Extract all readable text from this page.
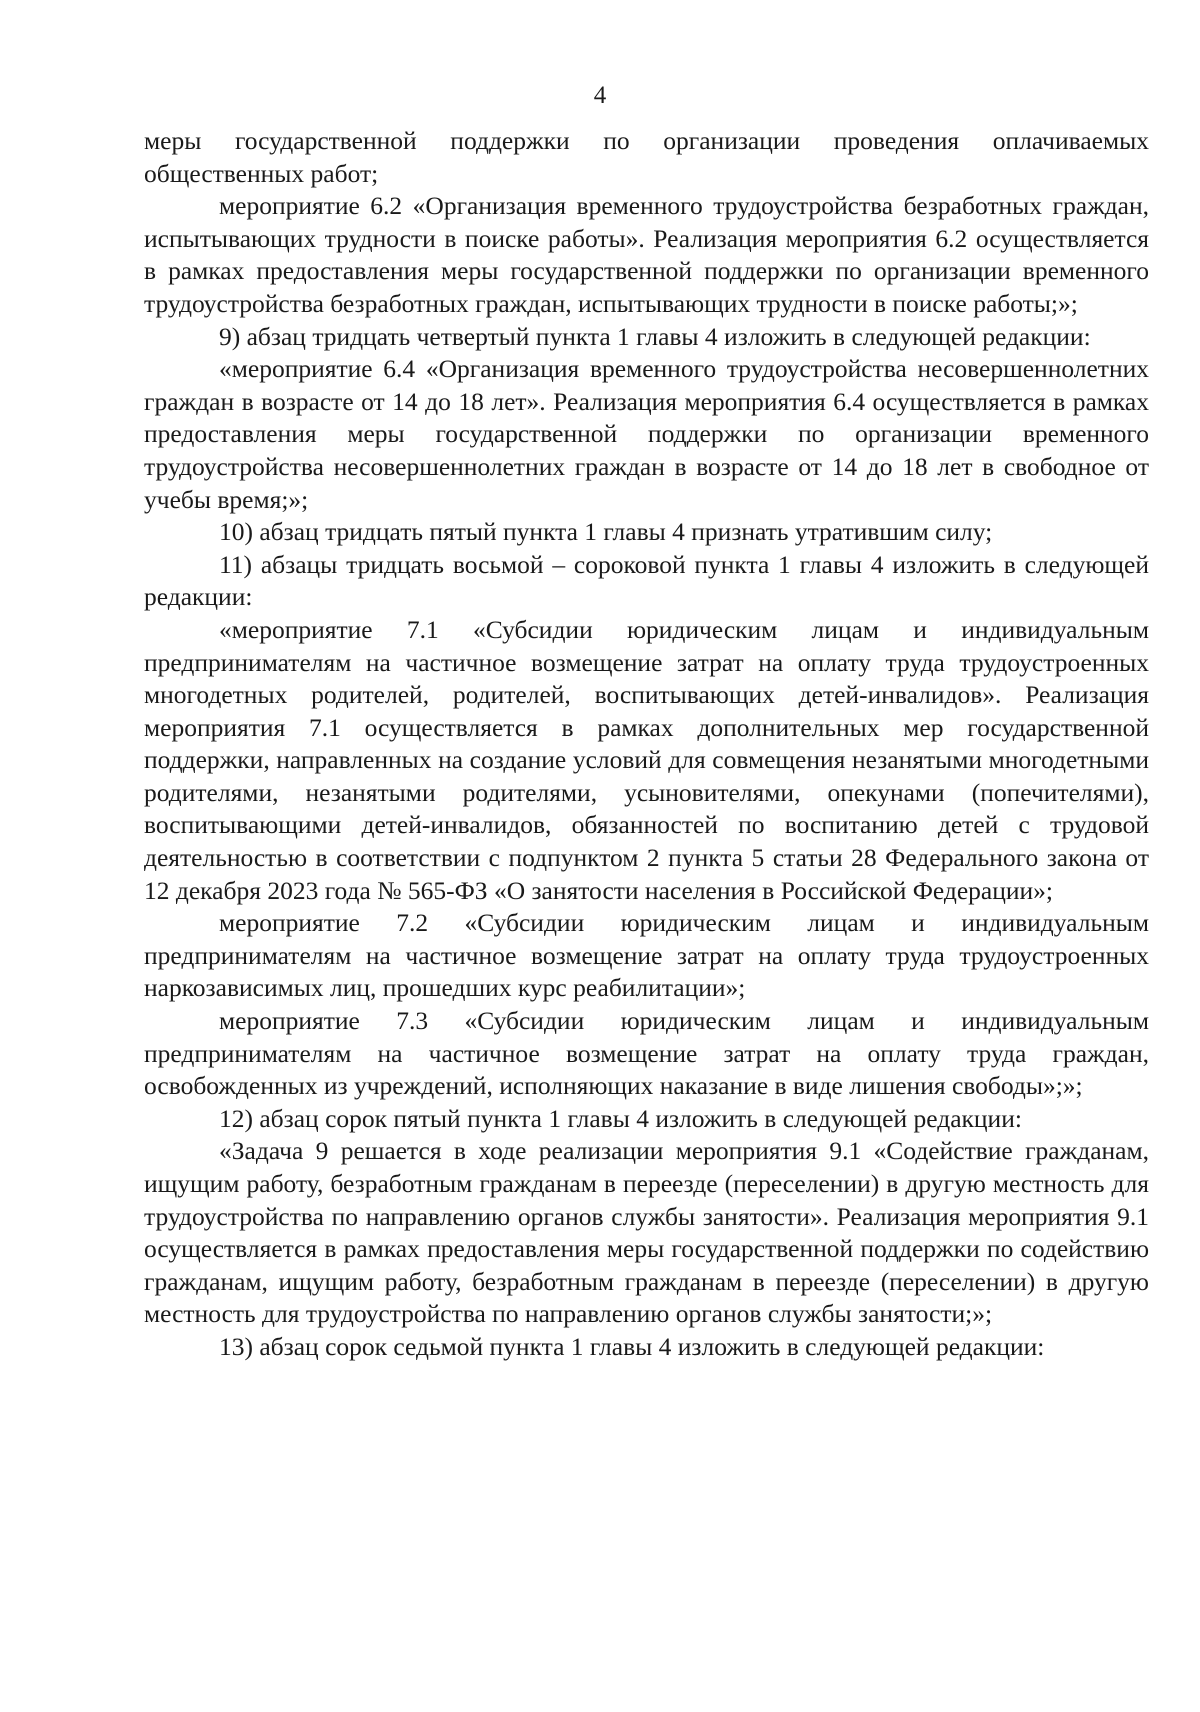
4

меры государственной поддержки по организации проведения оплачиваемых общественных работ;

мероприятие 6.2 «Организация временного трудоустройства безработных граждан, испытывающих трудности в поиске работы». Реализация мероприятия 6.2 осуществляется в рамках предоставления меры государственной поддержки по организации временного трудоустройства безработных граждан, испытывающих трудности в поиске работы;»;

9) абзац тридцать четвертый пункта 1 главы 4 изложить в следующей редакции:

«мероприятие 6.4 «Организация временного трудоустройства несовершеннолетних граждан в возрасте от 14 до 18 лет». Реализация мероприятия 6.4 осуществляется в рамках предоставления меры государственной поддержки по организации временного трудоустройства несовершеннолетних граждан в возрасте от 14 до 18 лет в свободное от учебы время;»;

10) абзац тридцать пятый пункта 1 главы 4 признать утратившим силу;

11) абзацы тридцать восьмой – сороковой пункта 1 главы 4 изложить в следующей редакции:

«мероприятие 7.1 «Субсидии юридическим лицам и индивидуальным предпринимателям на частичное возмещение затрат на оплату труда трудоустроенных многодетных родителей, родителей, воспитывающих детей-инвалидов». Реализация мероприятия 7.1 осуществляется в рамках дополнительных мер государственной поддержки, направленных на создание условий для совмещения незанятыми многодетными родителями, незанятыми родителями, усыновителями, опекунами (попечителями), воспитывающими детей-инвалидов, обязанностей по воспитанию детей с трудовой деятельностью в соответствии с подпунктом 2 пункта 5 статьи 28 Федерального закона от 12 декабря 2023 года № 565-ФЗ «О занятости населения в Российской Федерации»;

мероприятие 7.2 «Субсидии юридическим лицам и индивидуальным предпринимателям на частичное возмещение затрат на оплату труда трудоустроенных наркозависимых лиц, прошедших курс реабилитации»;

мероприятие 7.3 «Субсидии юридическим лицам и индивидуальным предпринимателям на частичное возмещение затрат на оплату труда граждан, освобожденных из учреждений, исполняющих наказание в виде лишения свободы»;»;

12) абзац сорок пятый пункта 1 главы 4 изложить в следующей редакции:

«Задача 9 решается в ходе реализации мероприятия 9.1 «Содействие гражданам, ищущим работу, безработным гражданам в переезде (переселении) в другую местность для трудоустройства по направлению органов службы занятости». Реализация мероприятия 9.1 осуществляется в рамках предоставления меры государственной поддержки по содействию гражданам, ищущим работу, безработным гражданам в переезде (переселении) в другую местность для трудоустройства по направлению органов службы занятости;»;

13) абзац сорок седьмой пункта 1 главы 4 изложить в следующей редакции:
